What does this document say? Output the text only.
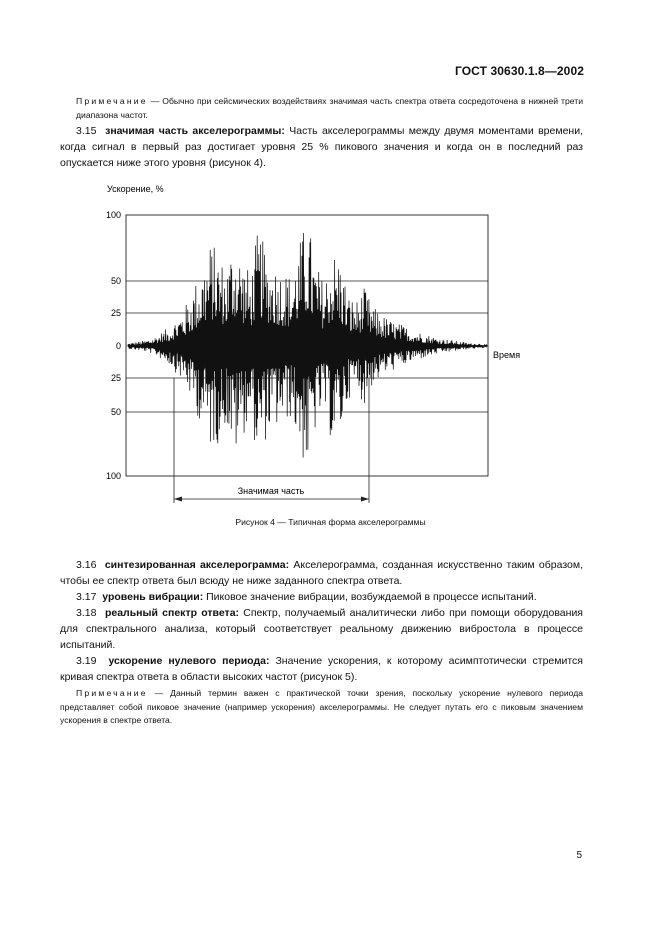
ГОСТ 30630.1.8—2002
Примечание — Обычно при сейсмических воздействиях значимая часть спектра ответа сосредоточена в нижней трети диапазона частот.
3.15 значимая часть акселерограммы: Часть акселерограммы между двумя моментами времени, когда сигнал в первый раз достигает уровня 25 % пикового значения и когда он в последний раз опускается ниже этого уровня (рисунок 4).
Ускорение, %
100
50
25
0
25
50
100
Время
Значимая часть
Рисунок 4 — Типичная форма акселерограммы
3.16 синтезированная акселерограмма: Акселерограмма, созданная искусственно таким образом, чтобы ее спектр ответа был всюду не ниже заданного спектра ответа.
3.17 уровень вибрации: Пиковое значение вибрации, возбуждаемой в процессе испытаний.
3.18 реальный спектр ответа: Спектр, получаемый аналитически либо при помощи оборудования для спектрального анализа, который соответствует реальному движению вибростола в процессе испытаний.
3.19 ускорение нулевого периода: Значение ускорения, к которому асимптотически стремится кривая спектра ответа в области высоких частот (рисунок 5).
Примечание — Данный термин важен с практической точки зрения, поскольку ускорение нулевого периода представляет собой пиковое значение (например ускорения) акселерограммы. Не следует путать его с пиковым значением ускорения в спектре ответа.
5
